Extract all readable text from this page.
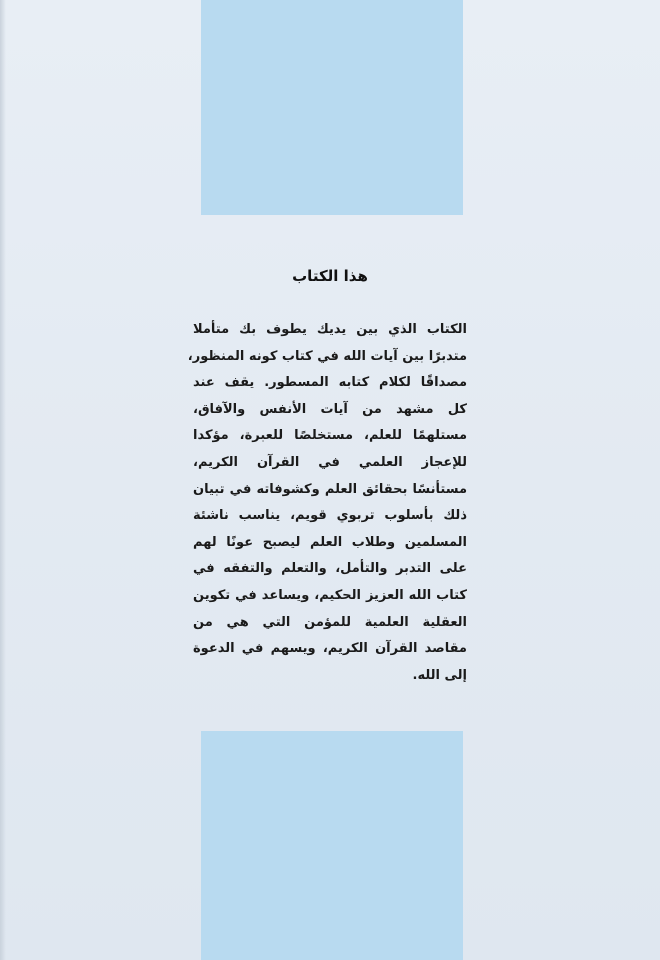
هذا الكتاب
الكتاب الذي بين يديك يطوف بك متأملا
متدبرًا بين آيات الله في كتاب كونه المنظور،
مصداقًا لكلام كتابه المسطور. يقف عند
كل مشهد من آيات الأنفس والآفاق،
مستلهمًا للعلم، مستخلصًا للعبرة، مؤكدا
للإعجاز العلمي في القرآن الكريم،
مستأنسًا بحقائق العلم وكشوفاته في تبيان
ذلك بأسلوب تربوي قويم، يناسب ناشئة
المسلمين وطلاب العلم ليصبح عونًا لهم
على التدبر والتأمل، والتعلم والتفقه في
كتاب الله العزيز الحكيم، ويساعد في تكوين
العقلية العلمية للمؤمن التي هي من
مقاصد القرآن الكريم، ويسهم في الدعوة
إلى الله.
